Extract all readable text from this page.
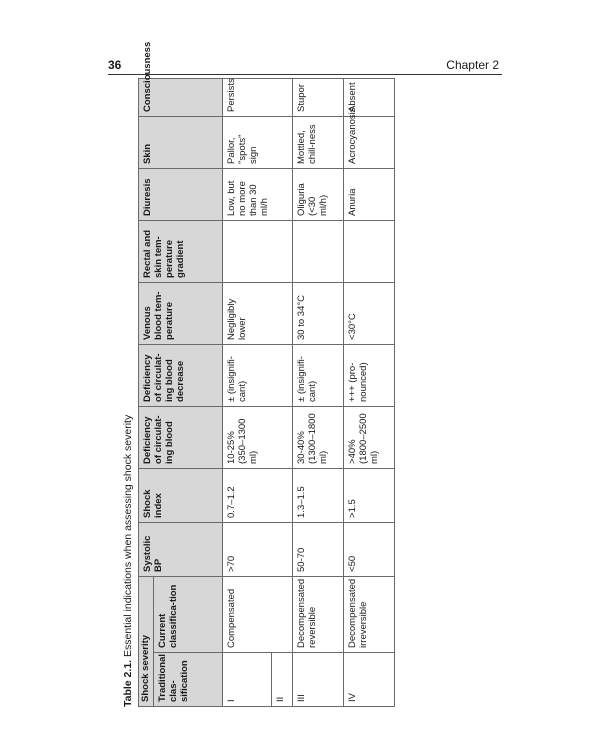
36	Chapter 2
Table 2.1. Essential indications when assessing shock severity
Shock severity		Systolic BP	Shock index	Deficiency of circulat-ing blood	Deficiency of circulat-ing blood decrease	Venous blood tem-perature	Rectal and skin tem-perature gradient	Diuresis	Skin	Consciousness
Traditional clas-sification	Current classifica-tion									
I	Compensated	>70	0.7–1.2	10-25% (350–1300 ml)	± (insignifi-cant)	Negligibly lower		Low, but no more than 30 ml/h	Pallor, "spots" sign	Persists
II										
III	Decompensated reversible	50-70	1.3–1.5	30-40% (1300–1800 ml)	± (insignifi-cant)	30 to 34°C		Oliguria (<30 ml/h)	Mottled, chill-ness	Stupor
IV	Decompensated irreversible	<50	>1.5	>40% (1800–2500 ml)	+++ (pro-nounced)	<30°C		Anuria	Acrocyanosis	Absent
